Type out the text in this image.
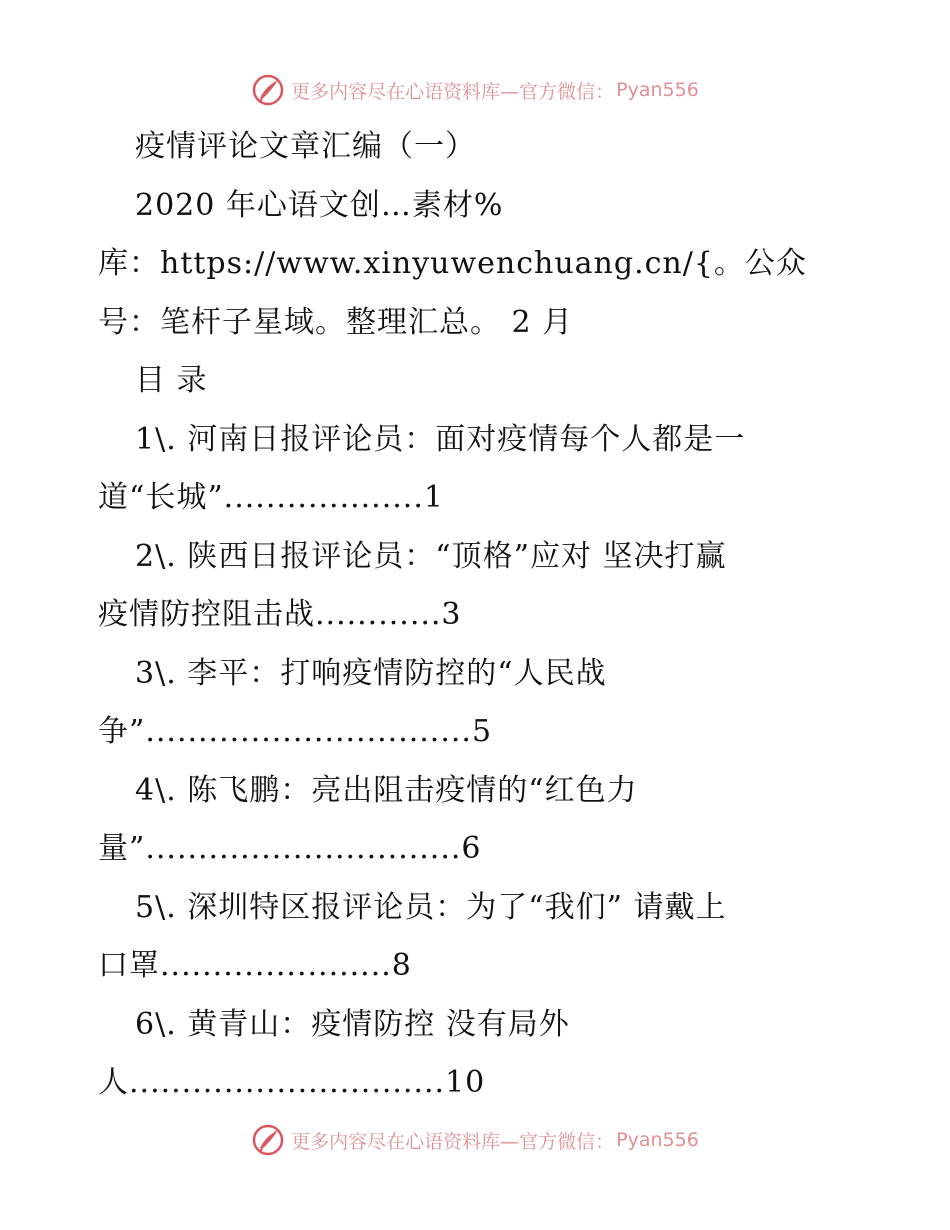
更多内容尽在心语资料库—官方微信： Pyan556
疫情评论文章汇编（一）
2020 年心语文创…素材%
库：https://www.xinyuwenchuang.cn/{。公众
号：笔杆子星域。整理汇总。 2 月
目 录
1\. 河南日报评论员：面对疫情每个人都是一
道“长城”...................1
2\. 陕西日报评论员：“顶格”应对 坚决打赢
疫情防控阻击战............3
3\. 李平：打响疫情防控的“人民战
争”...............................5
4\. 陈飞鹏：亮出阻击疫情的“红色力
量”..............................6
5\. 深圳特区报评论员：为了“我们” 请戴上
口罩......................8
6\. 黄青山：疫情防控 没有局外
人..............................10
更多内容尽在心语资料库—官方微信： Pyan556
